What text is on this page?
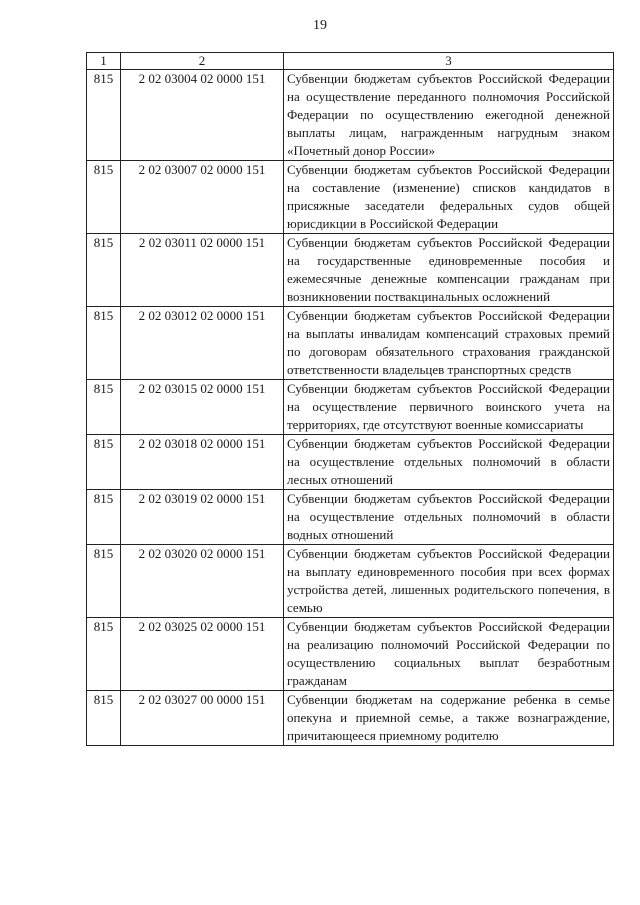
19
1	2	3
815	2 02 03004 02 0000 151	Субвенции бюджетам субъектов Российской Федерации на осуществление переданного полномочия Российской Федерации по осуществлению ежегодной денежной выплаты лицам, награжденным нагрудным знаком «Почетный донор России»
815	2 02 03007 02 0000 151	Субвенции бюджетам субъектов Российской Федерации на составление (изменение) списков кандидатов в присяжные заседатели федеральных судов общей юрисдикции в Российской Федерации
815	2 02 03011 02 0000 151	Субвенции бюджетам субъектов Российской Федерации на государственные единовременные пособия и ежемесячные денежные компенсации гражданам при возникновении поствакцинальных осложнений
815	2 02 03012 02 0000 151	Субвенции бюджетам субъектов Российской Федерации на выплаты инвалидам компенсаций страховых премий по договорам обязательного страхования гражданской ответственности владельцев транспортных средств
815	2 02 03015 02 0000 151	Субвенции бюджетам субъектов Российской Федерации на осуществление первичного воинского учета на территориях, где отсутствуют военные комиссариаты
815	2 02 03018 02 0000 151	Субвенции бюджетам субъектов Российской Федерации на осуществление отдельных полномочий в области лесных отношений
815	2 02 03019 02 0000 151	Субвенции бюджетам субъектов Российской Федерации на осуществление отдельных полномочий в области водных отношений
815	2 02 03020 02 0000 151	Субвенции бюджетам субъектов Российской Федерации на выплату единовременного пособия при всех формах устройства детей, лишенных родительского попечения, в семью
815	2 02 03025 02 0000 151	Субвенции бюджетам субъектов Российской Федерации на реализацию полномочий Российской Федерации по осуществлению социальных выплат безработным гражданам
815	2 02 03027 00 0000 151	Субвенции бюджетам на содержание ребенка в семье опекуна и приемной семье, а также вознаграждение, причитающееся приемному родителю
